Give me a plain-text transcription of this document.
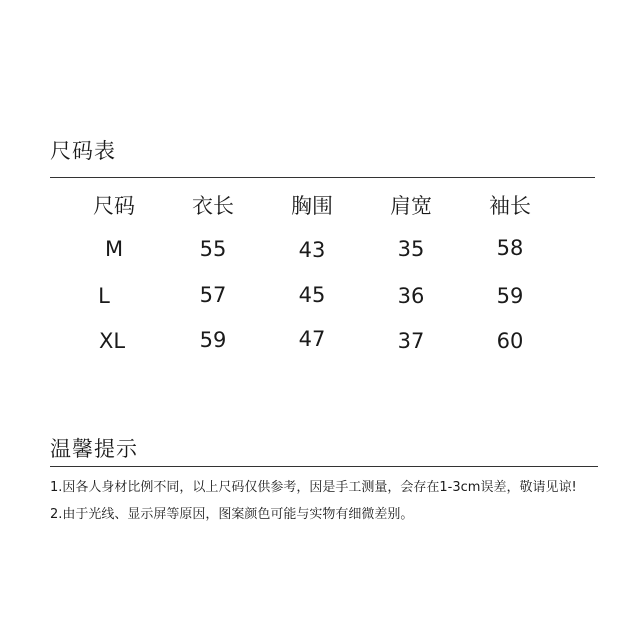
尺码表
尺码	衣长	胸围	肩宽	袖长
M	55	43	35	58
L	57	45	36	59
XL	59	47	37	60
温馨提示
1.因各人身材比例不同，以上尺码仅供参考，因是手工测量，会存在1-3cm误差，敬请见谅!
2.由于光线、显示屏等原因，图案颜色可能与实物有细微差别。
